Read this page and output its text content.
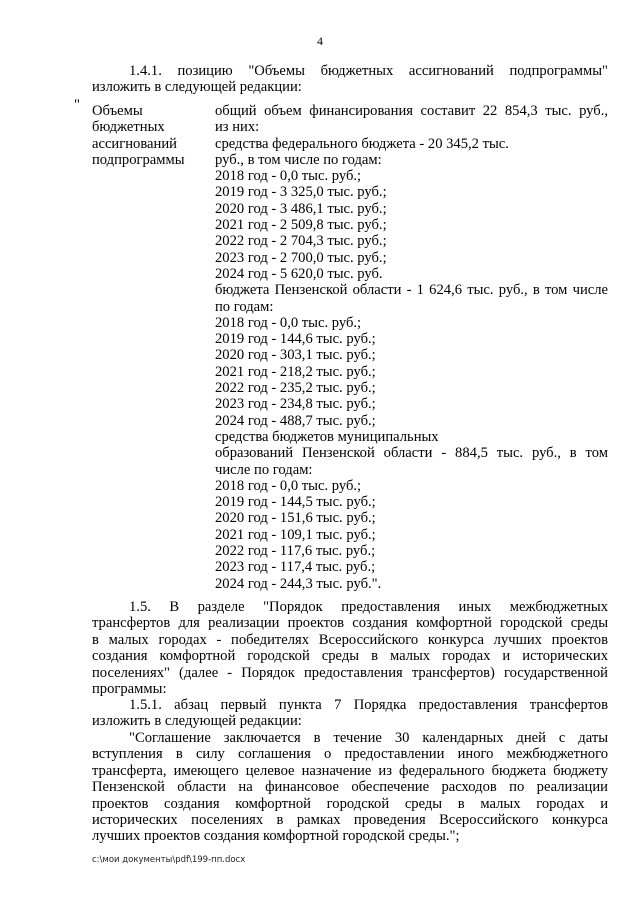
4
1.4.1. позицию "Объемы бюджетных ассигнований подпрограммы"
изложить в следующей редакции:
" Объемы
бюджетных
ассигнований
подпрограммы
общий объем финансирования составит 22 854,3 тыс. руб.,
из них:
средства федерального бюджета - 20 345,2 тыс.
руб., в том числе по годам:
2018 год - 0,0 тыс. руб.;
2019 год - 3 325,0 тыс. руб.;
2020 год - 3 486,1 тыс. руб.;
2021 год - 2 509,8 тыс. руб.;
2022 год - 2 704,3 тыс. руб.;
2023 год - 2 700,0 тыс. руб.;
2024 год - 5 620,0 тыс. руб.
бюджета Пензенской области - 1 624,6 тыс. руб., в том числе
по годам:
2018 год - 0,0 тыс. руб.;
2019 год - 144,6 тыс. руб.;
2020 год - 303,1 тыс. руб.;
2021 год - 218,2 тыс. руб.;
2022 год - 235,2 тыс. руб.;
2023 год - 234,8 тыс. руб.;
2024 год - 488,7 тыс. руб.;
средства бюджетов муниципальных
образований Пензенской области - 884,5 тыс. руб., в том
числе по годам:
2018 год - 0,0 тыс. руб.;
2019 год - 144,5 тыс. руб.;
2020 год - 151,6 тыс. руб.;
2021 год - 109,1 тыс. руб.;
2022 год - 117,6 тыс. руб.;
2023 год - 117,4 тыс. руб.;
2024 год - 244,3 тыс. руб.".
1.5. В разделе "Порядок предоставления иных межбюджетных
трансфертов для реализации проектов создания комфортной городской среды
в малых городах - победителях Всероссийского конкурса лучших проектов
создания комфортной городской среды в малых городах и исторических
поселениях" (далее - Порядок предоставления трансфертов) государственной
программы:
1.5.1. абзац первый пункта 7 Порядка предоставления трансфертов
изложить в следующей редакции:
"Соглашение заключается в течение 30 календарных дней с даты
вступления в силу соглашения о предоставлении иного межбюджетного
трансферта, имеющего целевое назначение из федерального бюджета бюджету
Пензенской области на финансовое обеспечение расходов по реализации
проектов создания комфортной городской среды в малых городах и
исторических поселениях в рамках проведения Всероссийского конкурса
лучших проектов создания комфортной городской среды.";
c:\мои документы\pdf\199-пп.docx
